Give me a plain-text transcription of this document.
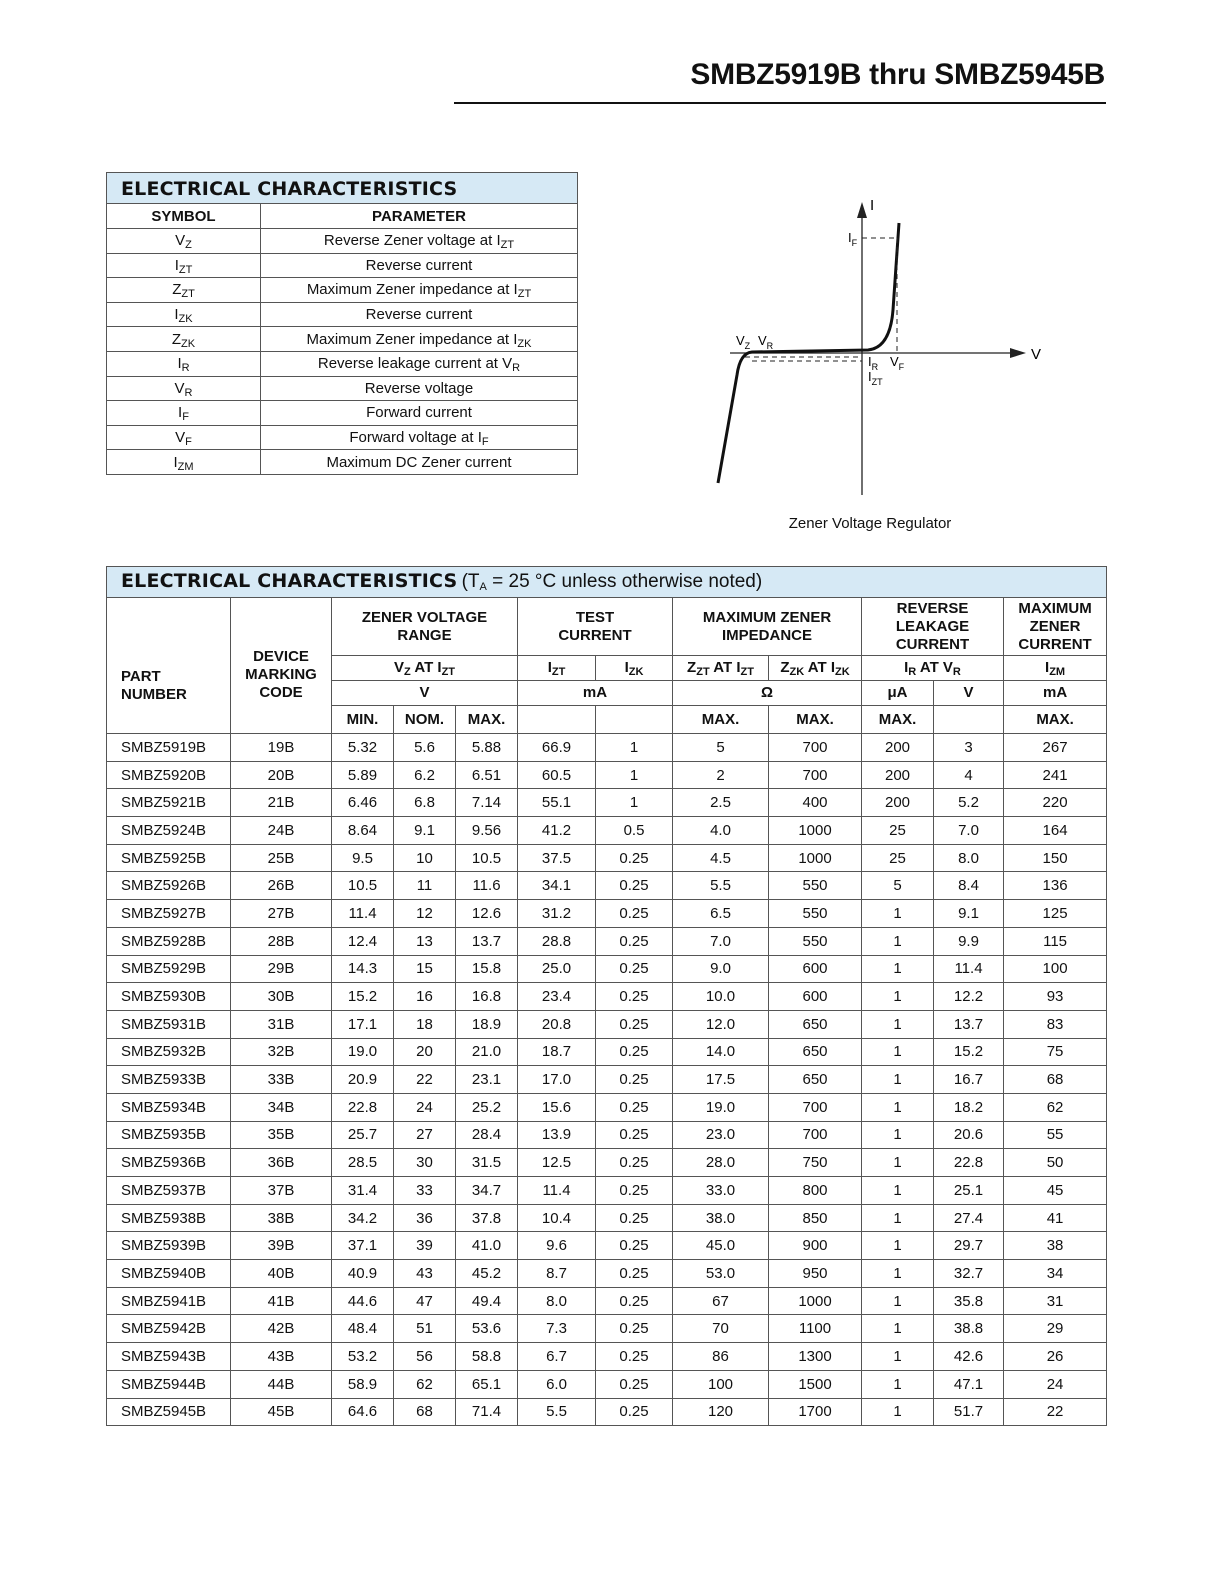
SMBZ5919B thru SMBZ5945B
ELECTRICAL CHARACTERISTICS	
SYMBOL	PARAMETER
$V_Z$	Reverse Zener voltage at $I_{ZT}$
$I_{ZT}$	Reverse current
$Z_{ZT}$	Maximum Zener impedance at $I_{ZT}$
$I_{ZK}$	Reverse current
$Z_{ZK}$	Maximum Zener impedance at $I_{ZK}$
$I_R$	Reverse leakage current at $V_R$
$V_R$	Reverse voltage
$I_F$	Forward current
$V_F$	Forward voltage at $I_F$
$I_{ZM}$	Maximum DC Zener current
I
V
$I_F$
$V_Z$ $V_R$
$I_R$ $V_F$
$I_{ZT}$
Zener Voltage Regulator
ELECTRICAL CHARACTERISTICS ($T_A = 25$ °C unless otherwise noted)											

PART NUMBER	DEVICE MARKING CODE	ZENER VOLTAGE RANGE			TEST CURRENT		MAXIMUM ZENER IMPEDANCE		REVERSE LEAKAGE CURRENT		MAXIMUM ZENER CURRENT

		$V_Z$ AT $I_{ZT}$			$I_{ZT}$	$I_{ZK}$	$Z_{ZT}$ AT $I_{ZT}$	$Z_{ZK}$ AT $I_{ZK}$	$I_R$ AT $V_R$		$I_{ZM}$
		V			mA		Ω		μA	V	mA
		MIN.	NOM.	MAX.			MAX.	MAX.	MAX.		MAX.
SMBZ5919B	19B	5.32	5.6	5.88	66.9	1	5	700	200	3	267
SMBZ5920B	20B	5.89	6.2	6.51	60.5	1	2	700	200	4	241
SMBZ5921B	21B	6.46	6.8	7.14	55.1	1	2.5	400	200	5.2	220
SMBZ5924B	24B	8.64	9.1	9.56	41.2	0.5	4.0	1000	25	7.0	164
SMBZ5925B	25B	9.5	10	10.5	37.5	0.25	4.5	1000	25	8.0	150
SMBZ5926B	26B	10.5	11	11.6	34.1	0.25	5.5	550	5	8.4	136
SMBZ5927B	27B	11.4	12	12.6	31.2	0.25	6.5	550	1	9.1	125
SMBZ5928B	28B	12.4	13	13.7	28.8	0.25	7.0	550	1	9.9	115
SMBZ5929B	29B	14.3	15	15.8	25.0	0.25	9.0	600	1	11.4	100
SMBZ5930B	30B	15.2	16	16.8	23.4	0.25	10.0	600	1	12.2	93
SMBZ5931B	31B	17.1	18	18.9	20.8	0.25	12.0	650	1	13.7	83
SMBZ5932B	32B	19.0	20	21.0	18.7	0.25	14.0	650	1	15.2	75
SMBZ5933B	33B	20.9	22	23.1	17.0	0.25	17.5	650	1	16.7	68
SMBZ5934B	34B	22.8	24	25.2	15.6	0.25	19.0	700	1	18.2	62
SMBZ5935B	35B	25.7	27	28.4	13.9	0.25	23.0	700	1	20.6	55
SMBZ5936B	36B	28.5	30	31.5	12.5	0.25	28.0	750	1	22.8	50
SMBZ5937B	37B	31.4	33	34.7	11.4	0.25	33.0	800	1	25.1	45
SMBZ5938B	38B	34.2	36	37.8	10.4	0.25	38.0	850	1	27.4	41
SMBZ5939B	39B	37.1	39	41.0	9.6	0.25	45.0	900	1	29.7	38
SMBZ5940B	40B	40.9	43	45.2	8.7	0.25	53.0	950	1	32.7	34
SMBZ5941B	41B	44.6	47	49.4	8.0	0.25	67	1000	1	35.8	31
SMBZ5942B	42B	48.4	51	53.6	7.3	0.25	70	1100	1	38.8	29
SMBZ5943B	43B	53.2	56	58.8	6.7	0.25	86	1300	1	42.6	26
SMBZ5944B	44B	58.9	62	65.1	6.0	0.25	100	1500	1	47.1	24
SMBZ5945B	45B	64.6	68	71.4	5.5	0.25	120	1700	1	51.7	22
